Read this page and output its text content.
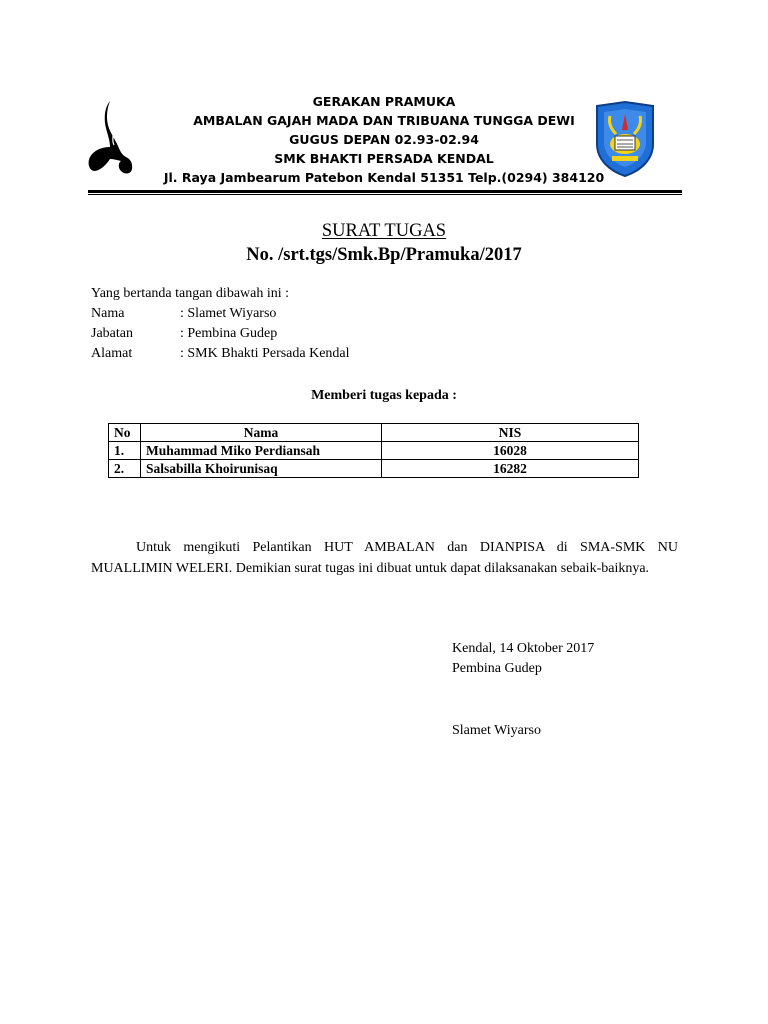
GERAKAN PRAMUKA
AMBALAN GAJAH MADA DAN TRIBUANA TUNGGA DEWI
GUGUS DEPAN 02.93-02.94
SMK BHAKTI PERSADA KENDAL
Jl. Raya Jambearum Patebon Kendal 51351 Telp.(0294) 384120
SURAT TUGAS
No. /srt.tgs/Smk.Bp/Pramuka/2017
Yang bertanda tangan dibawah ini :
Nama	: Slamet Wiyarso
Jabatan	: Pembina Gudep
Alamat	: SMK Bhakti Persada Kendal
Memberi tugas kepada :
No	Nama	NIS
1.	Muhammad Miko Perdiansah	16028
2.	Salsabilla Khoirunisaq	16282
Untuk mengikuti Pelantikan HUT AMBALAN dan DIANPISA di SMA-SMK NU MUALLIMIN WELERI. Demikian surat tugas ini dibuat untuk dapat dilaksanakan sebaik-baiknya.
Kendal, 14 Oktober 2017
Pembina Gudep
Slamet Wiyarso
